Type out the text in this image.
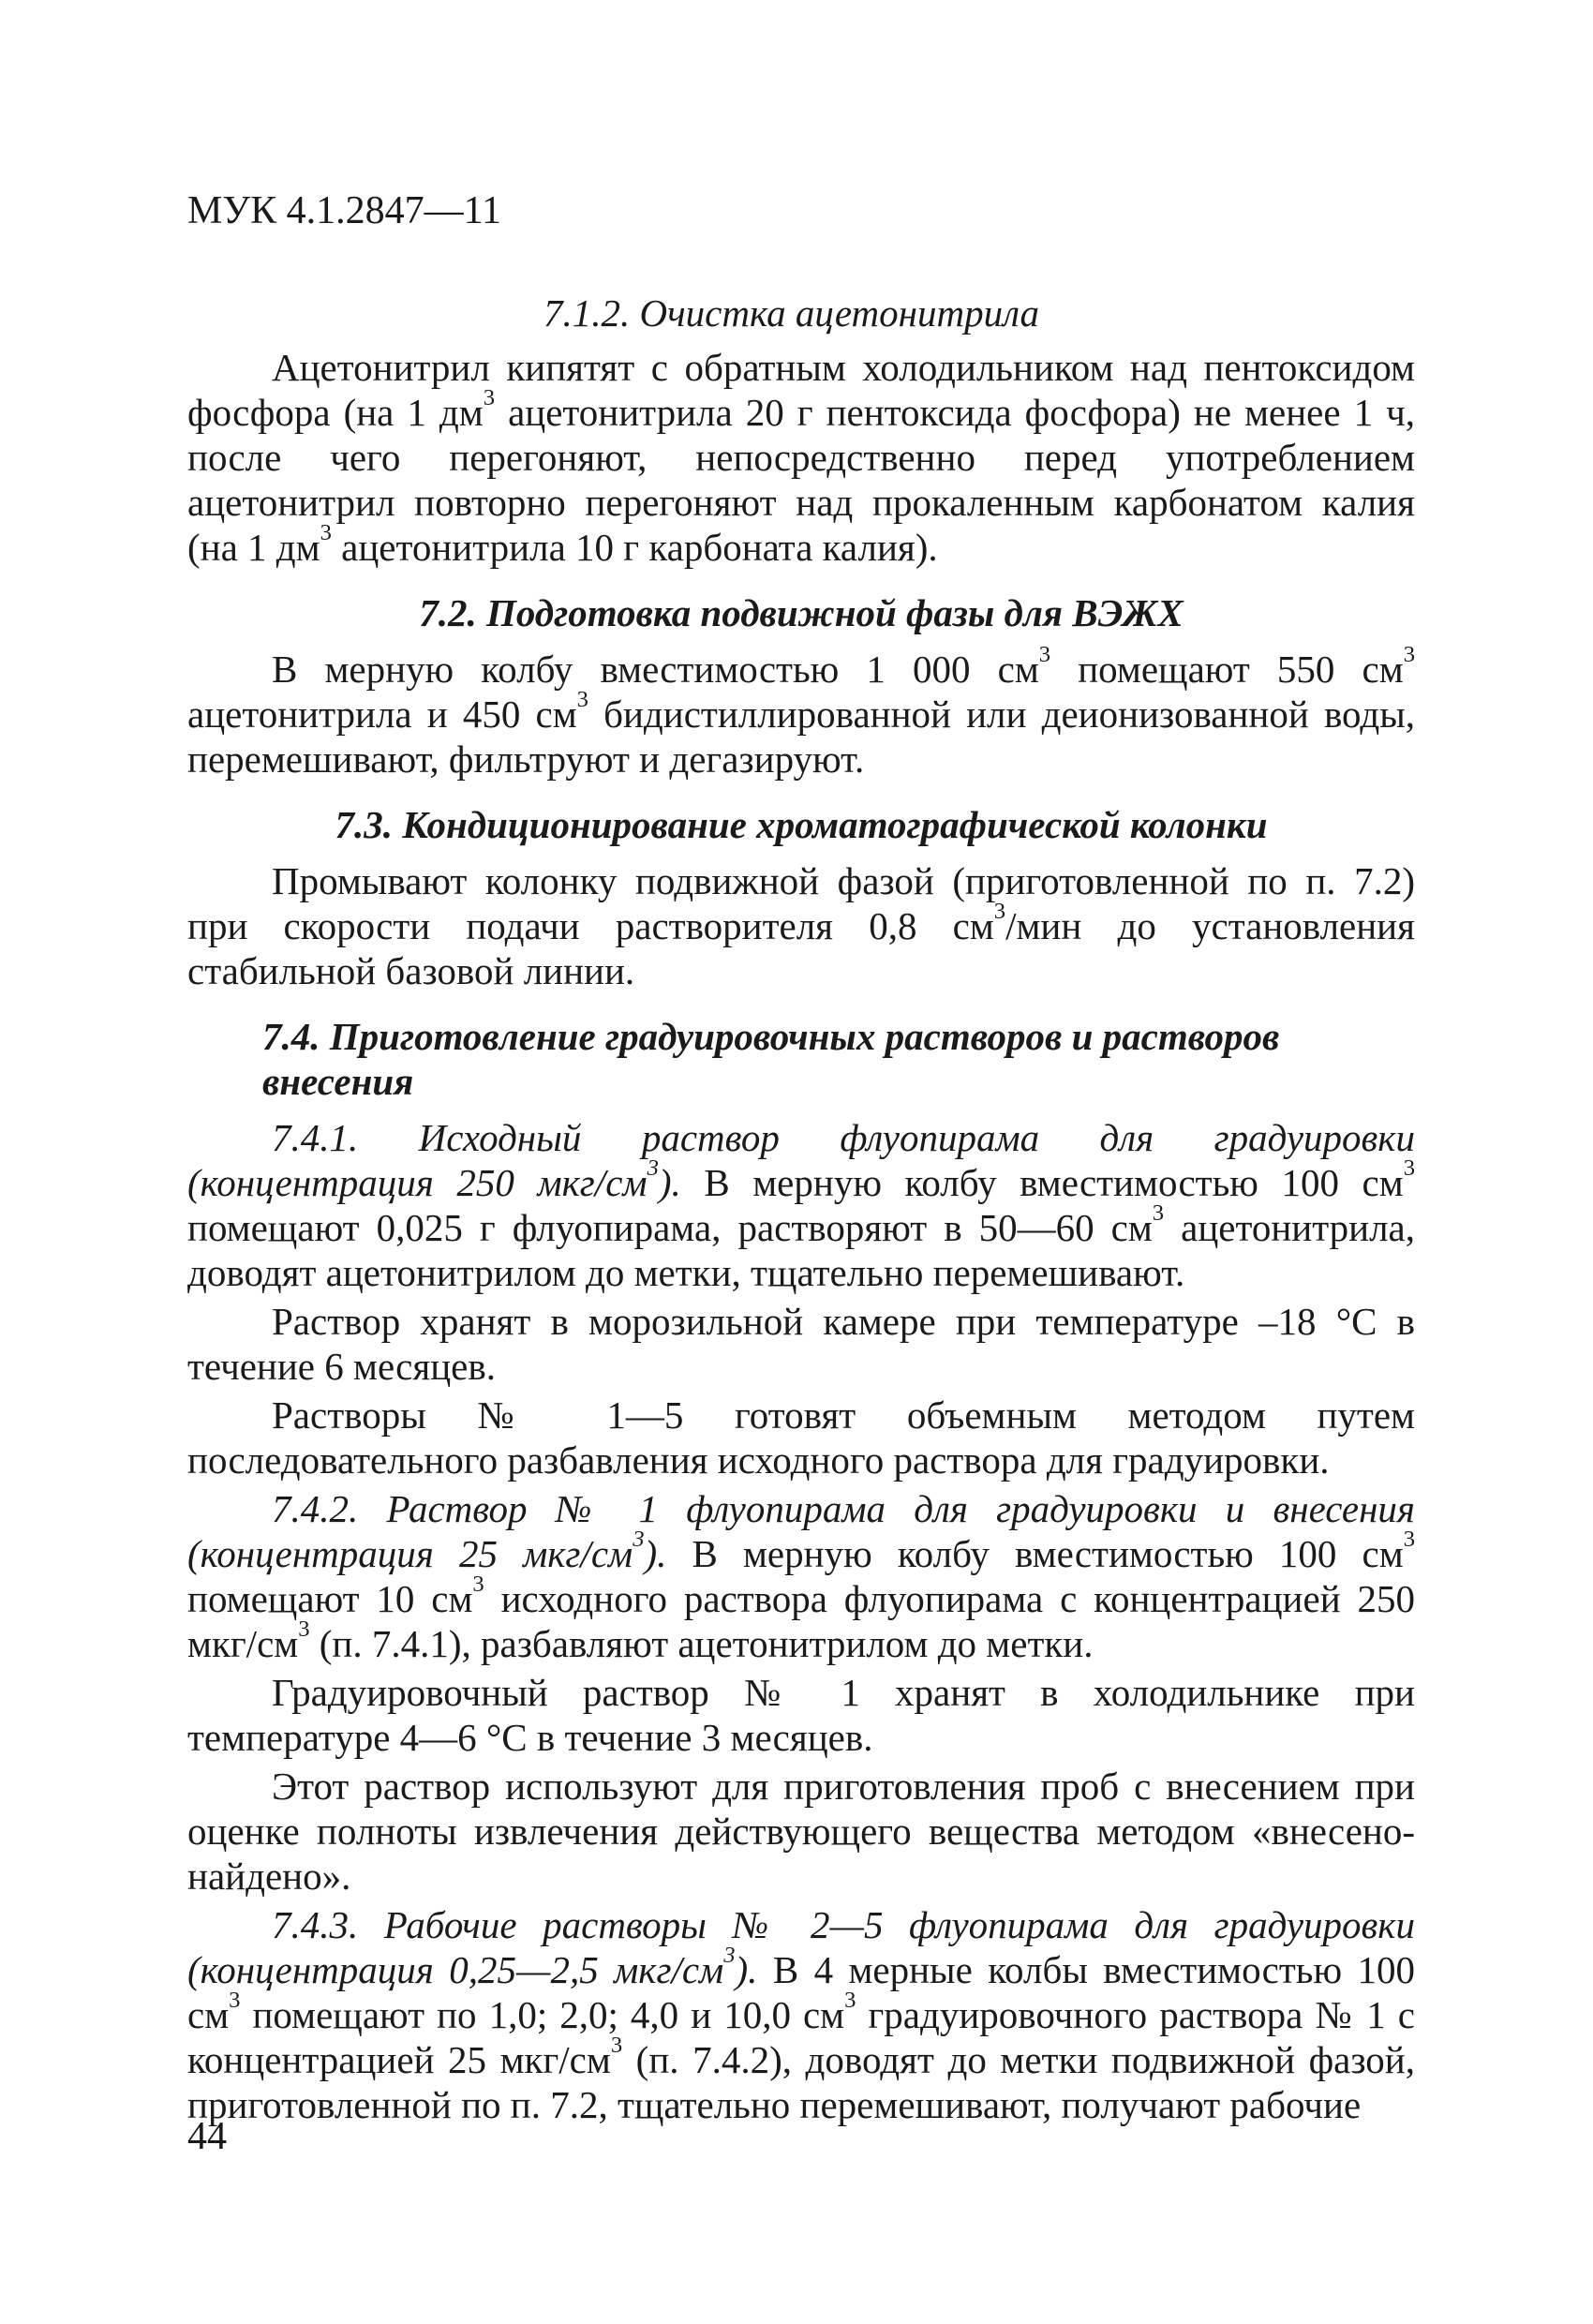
МУК 4.1.2847—11
7.1.2. Очистка ацетонитрила

Ацетонитрил кипятят с обратным холодильником над пентоксидом фосфора (на 1 $дм^3$ ацетонитрила 20 г пентоксида фосфора) не менее 1 ч, после чего перегоняют, непосредственно перед употреблением ацетонитрил повторно перегоняют над прокаленным карбонатом калия (на 1 $дм^3$ ацетонитрила 10 г карбоната калия).

7.2. Подготовка подвижной фазы для ВЭЖХ

В мерную колбу вместимостью 1 000 $см^3$ помещают 550 $см^3$ ацетонитрила и 450 $см^3$ бидистиллированной или деионизованной воды, перемешивают, фильтруют и дегазируют.

7.3. Кондиционирование хроматографической колонки

Промывают колонку подвижной фазой (приготовленной по п. 7.2) при скорости подачи растворителя 0,8 $см^3$/мин до установления стабильной базовой линии.

7.4. Приготовление градуировочных растворов и растворов внесения

7.4.1. Исходный раствор флуопирама для градуировки (концентрация 250 мкг/$см^3$). В мерную колбу вместимостью 100 $см^3$ помещают 0,025 г флуопирама, растворяют в 50—60 $см^3$ ацетонитрила, доводят ацетонитрилом до метки, тщательно перемешивают.

Раствор хранят в морозильной камере при температуре –18 °С в течение 6 месяцев.

Растворы № 1—5 готовят объемным методом путем последовательного разбавления исходного раствора для градуировки.

7.4.2. Раствор № 1 флуопирама для градуировки и внесения (концентрация 25 мкг/$см^3$). В мерную колбу вместимостью 100 $см^3$ помещают 10 $см^3$ исходного раствора флуопирама с концентрацией 250 мкг/$см^3$ (п. 7.4.1), разбавляют ацетонитрилом до метки.

Градуировочный раствор № 1 хранят в холодильнике при температуре 4—6 °С в течение 3 месяцев.

Этот раствор используют для приготовления проб с внесением при оценке полноты извлечения действующего вещества методом «внесено-найдено».

7.4.3. Рабочие растворы № 2—5 флуопирама для градуировки (концентрация 0,25—2,5 мкг/$см^3$). В 4 мерные колбы вместимостью 100 $см^3$ помещают по 1,0; 2,0; 4,0 и 10,0 $см^3$ градуировочного раствора № 1 с концентрацией 25 мкг/$см^3$ (п. 7.4.2), доводят до метки подвижной фазой, приготовленной по п. 7.2, тщательно перемешивают, получают рабочие

44
